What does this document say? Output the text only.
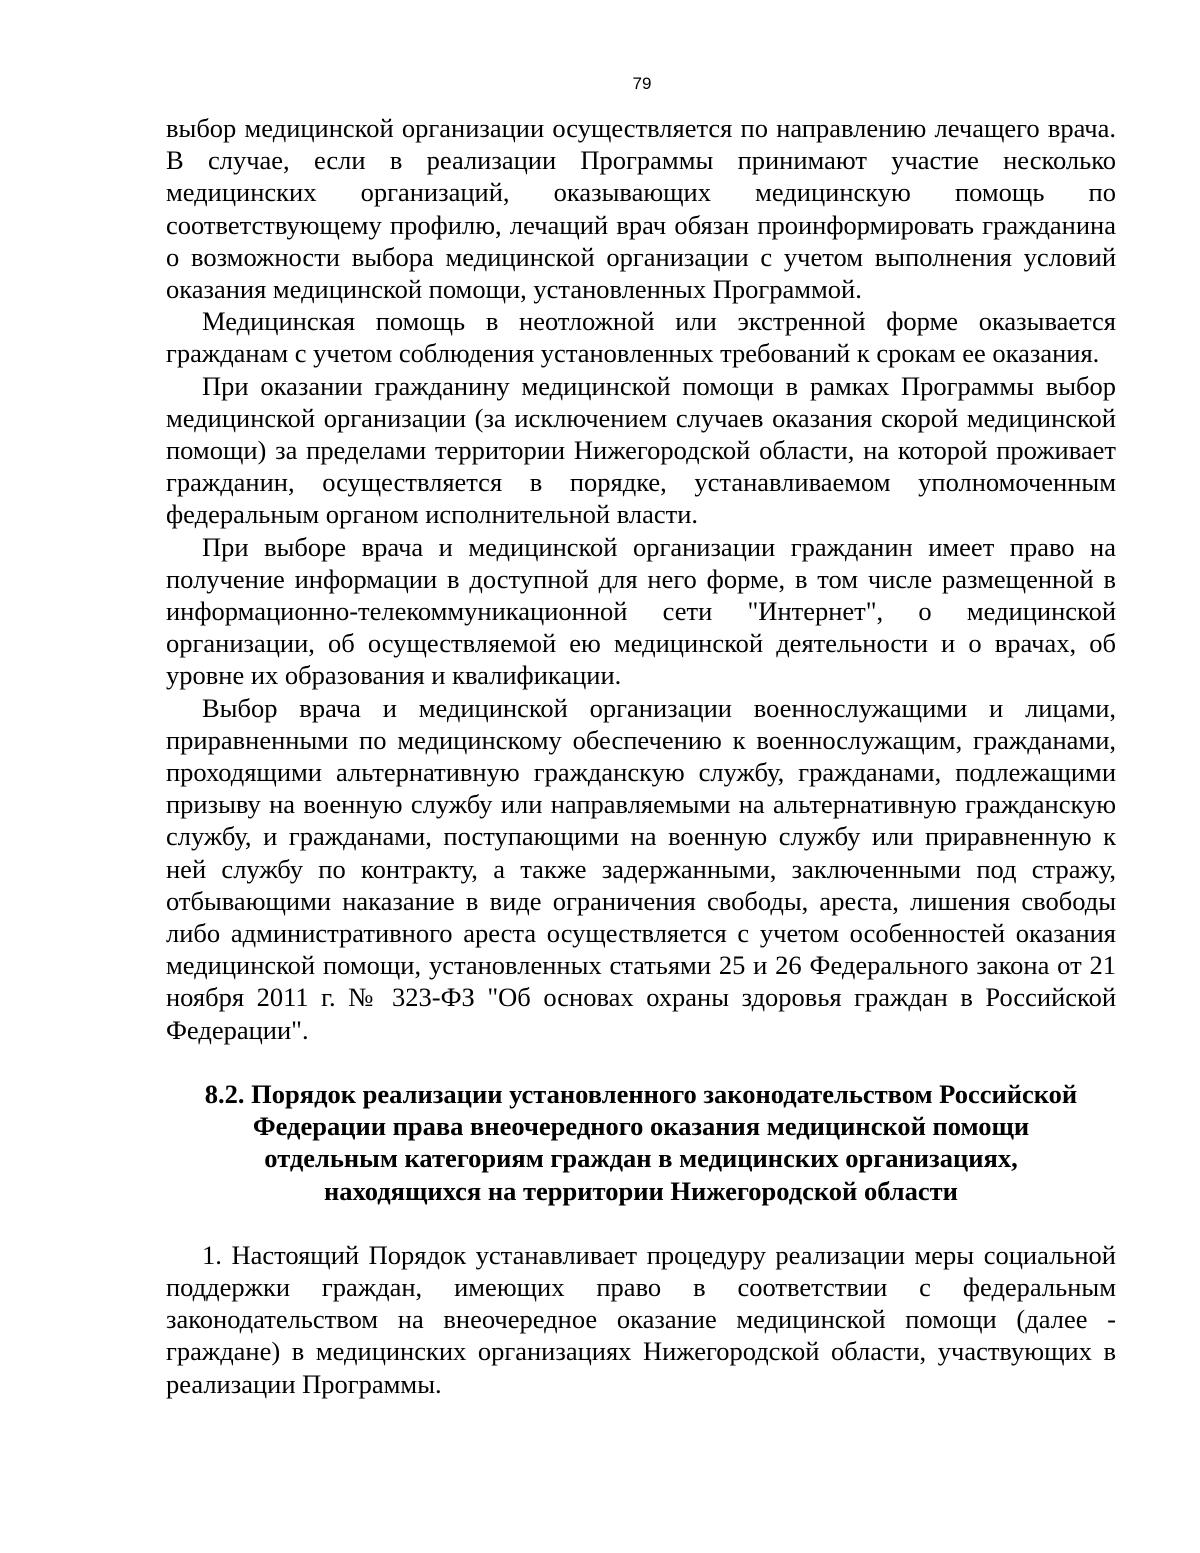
79

выбор медицинской организации осуществляется по направлению лечащего врача. В случае, если в реализации Программы принимают участие несколько медицинских организаций, оказывающих медицинскую помощь по соответствующему профилю, лечащий врач обязан проинформировать гражданина о возможности выбора медицинской организации с учетом выполнения условий оказания медицинской помощи, установленных Программой.

Медицинская помощь в неотложной или экстренной форме оказывается гражданам с учетом соблюдения установленных требований к срокам ее оказания.

При оказании гражданину медицинской помощи в рамках Программы выбор медицинской организации (за исключением случаев оказания скорой медицинской помощи) за пределами территории Нижегородской области, на которой проживает гражданин, осуществляется в порядке, устанавливаемом уполномоченным федеральным органом исполнительной власти.

При выборе врача и медицинской организации гражданин имеет право на получение информации в доступной для него форме, в том числе размещенной в информационно-телекоммуникационной сети "Интернет", о медицинской организации, об осуществляемой ею медицинской деятельности и о врачах, об уровне их образования и квалификации.

Выбор врача и медицинской организации военнослужащими и лицами, приравненными по медицинскому обеспечению к военнослужащим, гражданами, проходящими альтернативную гражданскую службу, гражданами, подлежащими призыву на военную службу или направляемыми на альтернативную гражданскую службу, и гражданами, поступающими на военную службу или приравненную к ней службу по контракту, а также задержанными, заключенными под стражу, отбывающими наказание в виде ограничения свободы, ареста, лишения свободы либо административного ареста осуществляется с учетом особенностей оказания медицинской помощи, установленных статьями 25 и 26 Федерального закона от 21 ноября 2011 г. № 323-ФЗ "Об основах охраны здоровья граждан в Российской Федерации".

8.2. Порядок реализации установленного законодательством Российской
Федерации права внеочередного оказания медицинской помощи
отдельным категориям граждан в медицинских организациях,
находящихся на территории Нижегородской области

1. Настоящий Порядок устанавливает процедуру реализации меры социальной поддержки граждан, имеющих право в соответствии с федеральным законодательством на внеочередное оказание медицинской помощи (далее - граждане) в медицинских организациях Нижегородской области, участвующих в реализации Программы.
